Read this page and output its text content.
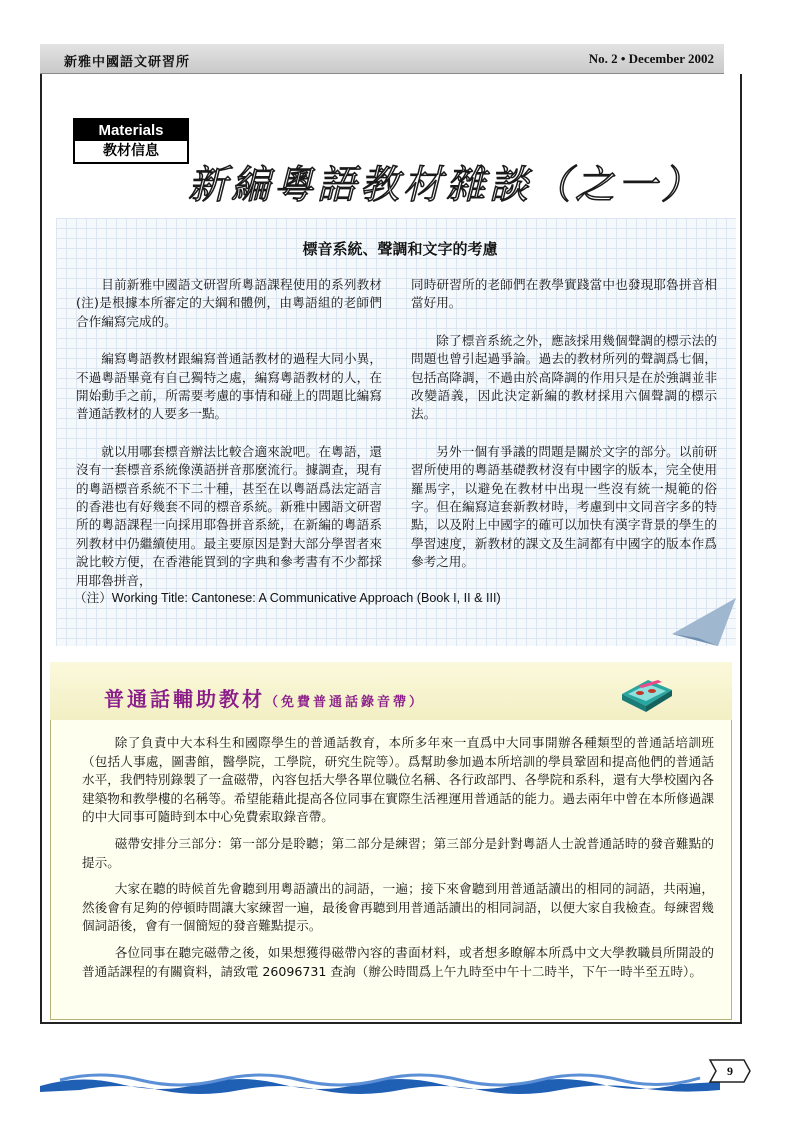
新雅中國語文研習所	No. 2 • December 2002
Materials
教材信息
新編粵語教材雜談（之一）
標音系統、聲調和文字的考慮

目前新雅中國語文研習所粵語課程使用的系列教材(注)是根據本所審定的大綱和體例，由粵語組的老師們合作編寫完成的。

編寫粵語教材跟編寫普通話教材的過程大同小異，不過粵語畢竟有自己獨特之處，編寫粵語教材的人，在開始動手之前，所需要考慮的事情和碰上的問題比編寫普通話教材的人要多一點。

就以用哪套標音辦法比較合適來說吧。在粵語，還沒有一套標音系統像漢語拼音那麼流行。據調查，現有的粵語標音系統不下二十種，甚至在以粵語爲法定語言的香港也有好幾套不同的標音系統。新雅中國語文研習所的粵語課程一向採用耶魯拼音系統，在新編的粵語系列教材中仍繼續使用。最主要原因是對大部分學習者來說比較方便，在香港能買到的字典和參考書有不少都採用耶魯拼音，

同時研習所的老師們在教學實踐當中也發現耶魯拼音相當好用。

除了標音系統之外，應該採用幾個聲調的標示法的問題也曾引起過爭論。過去的教材所列的聲調爲七個，包括高降調，不過由於高降調的作用只是在於強調並非改變語義，因此決定新編的教材採用六個聲調的標示法。

另外一個有爭議的問題是關於文字的部分。以前研習所使用的粵語基礎教材沒有中國字的版本，完全使用羅馬字，以避免在教材中出現一些沒有統一規範的俗字。但在編寫這套新教材時，考慮到中文同音字多的特點，以及附上中國字的確可以加快有漢字背景的學生的學習速度，新教材的課文及生詞都有中國字的版本作爲參考之用。

（注）Working Title: Cantonese: A Communicative Approach (Book I, II & III)
普通話輔助教材（免費普通話錄音帶）

除了負責中大本科生和國際學生的普通話教育，本所多年來一直爲中大同事開辦各種類型的普通話培訓班（包括人事處，圖書館，醫學院，工學院，研究生院等）。爲幫助參加過本所培訓的學員鞏固和提高他們的普通話水平，我們特別錄製了一盒磁帶，內容包括大學各單位職位名稱、各行政部門、各學院和系科，還有大學校園內各建築物和教學樓的名稱等。希望能藉此提高各位同事在實際生活裡運用普通話的能力。過去兩年中曾在本所修過課的中大同事可隨時到本中心免費索取錄音帶。

磁帶安排分三部分：第一部分是聆聽；第二部分是練習；第三部分是針對粵語人士說普通話時的發音難點的提示。

大家在聽的時候首先會聽到用粵語讀出的詞語，一遍；接下來會聽到用普通話讀出的相同的詞語，共兩遍，然後會有足夠的停頓時間讓大家練習一遍，最後會再聽到用普通話讀出的相同詞語，以便大家自我檢查。每練習幾個詞語後，會有一個簡短的發音難點提示。

各位同事在聽完磁帶之後，如果想獲得磁帶內容的書面材料，或者想多瞭解本所爲中文大學教職員所開設的普通話課程的有關資料，請致電 26096731 查詢（辦公時間爲上午九時至中午十二時半，下午一時半至五時）。

9
